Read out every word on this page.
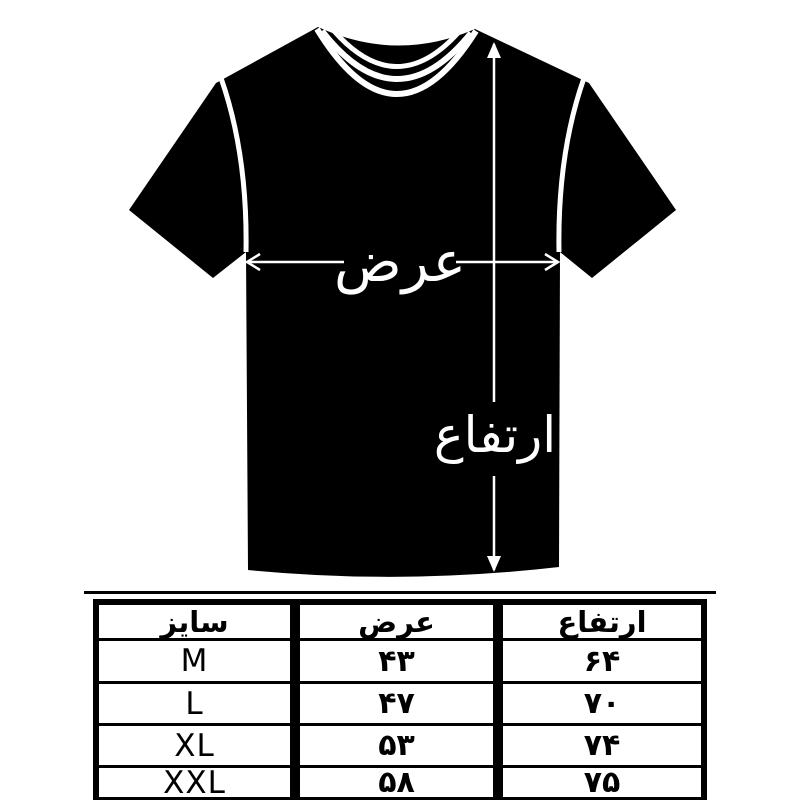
عرض
ارتفاع
سایز	عرض	ارتفاع
M	۴۳	۶۴
L	۴۷	۷۰
XL	۵۳	۷۴
XXL	۵۸	۷۵
